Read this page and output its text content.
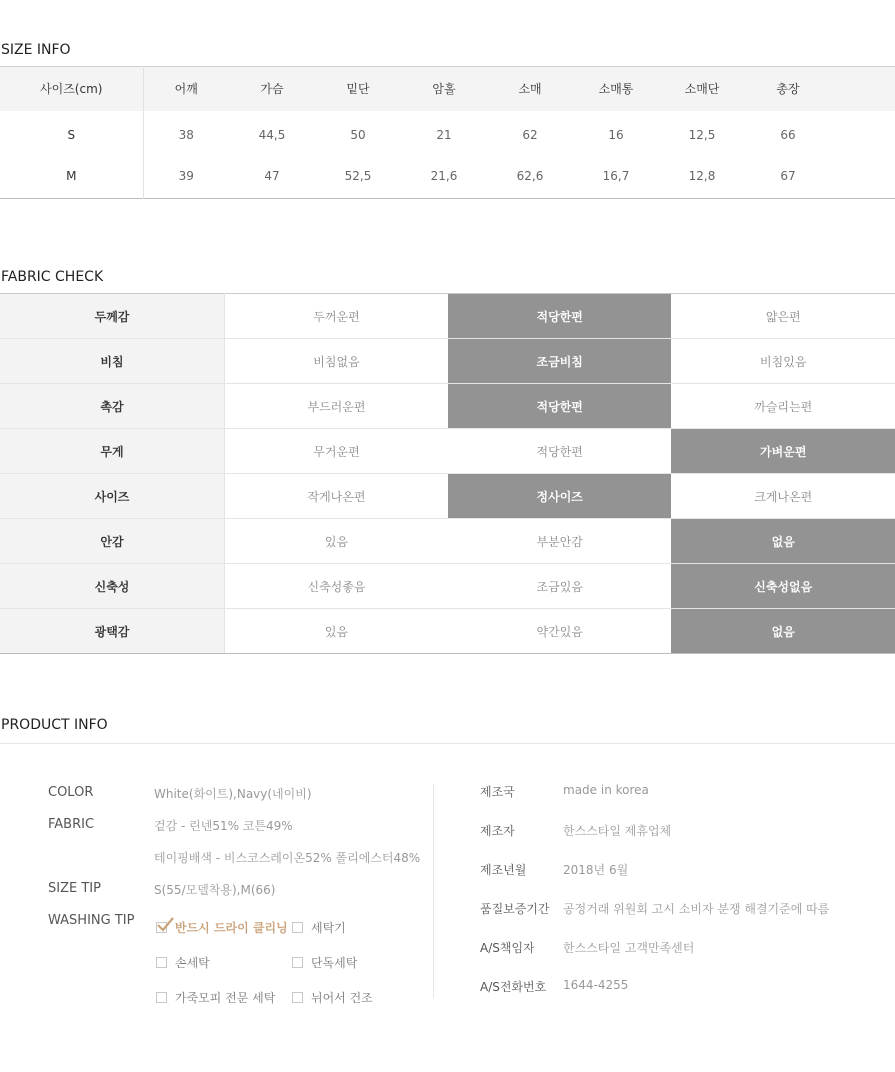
SIZE INFO
사이즈(cm)	어깨	가슴	밑단	암홀	소매	소매통	소매단	총장	
S	38	44,5	50	21	62	16	12,5	66	
M	39	47	52,5	21,6	62,6	16,7	12,8	67	
FABRIC CHECK
두께감	두꺼운편	적당한편	얇은편
비침	비침없음	조금비침	비침있음
촉감	부드러운편	적당한편	까슬리는편
무게	무거운편	적당한편	가벼운편
사이즈	작게나온편	정사이즈	크게나온편
안감	있음	부분안감	없음
신축성	신축성좋음	조금있음	신축성없음
광택감	있음	약간있음	없음
PRODUCT INFO
COLOR	White(화이트),Navy(네이비)
FABRIC	겉감 - 린넨51% 코튼49%
테이핑배색 - 비스코스레이온52% 폴리에스터48%
SIZE TIP	S(55/모델착용),M(66)
WASHING TIP	반드시 드라이 클리닝 세탁기
손세탁	단독세탁
가죽모피 전문 세탁	뉘어서 건조
제조국	made in korea
제조자	한스스타일 제휴업체
제조년월	2018년 6월
품질보증기간 공정거래 위원회 고시 소비자 분쟁 해결기준에 따름
A/S책임자 한스스타일 고객만족센터
A/S전화번호 1644-4255
